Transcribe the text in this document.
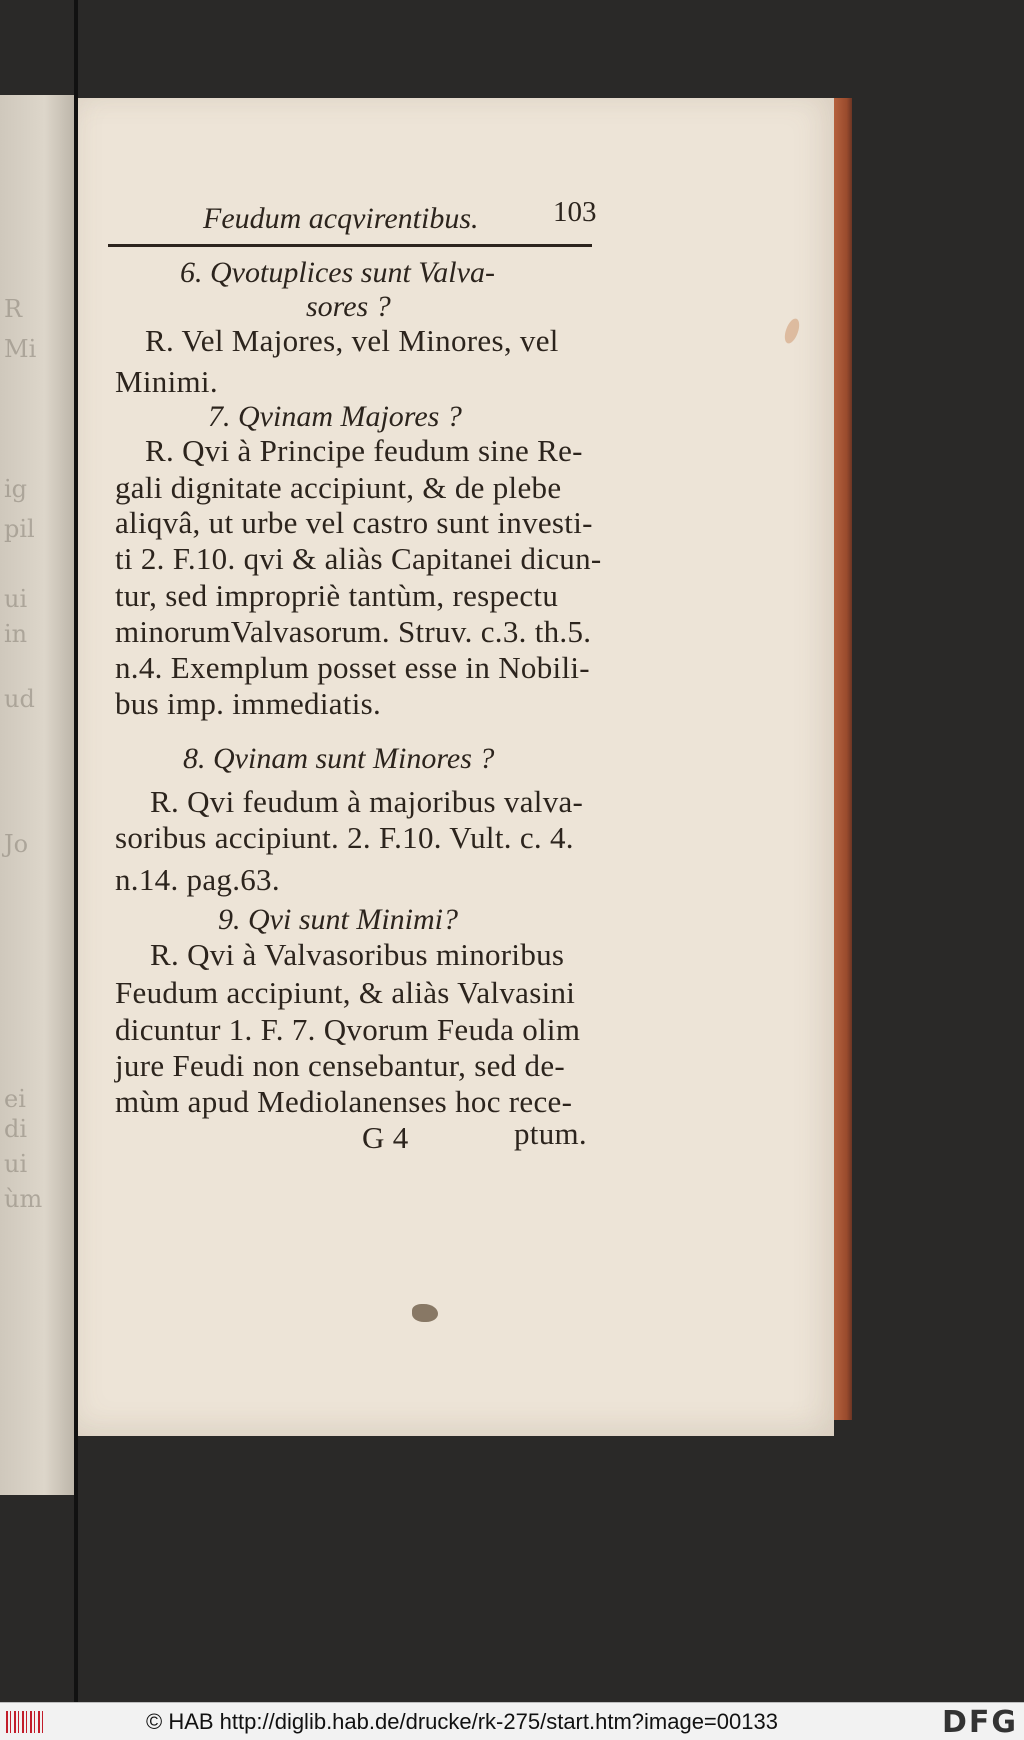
R
Mi
ig
pil
ui
in
ud
Jo
ei
di
ui
ùm
Feudum acqvirentibus.	103
6. Qvotuplices sunt Valva-
sores ?
R. Vel Majores, vel Minores, vel
Minimi.
7. Qvinam Majores ?
R. Qvi à Principe feudum sine Re-
gali dignitate accipiunt, & de plebe
aliqvâ, ut urbe vel castro sunt investi-
ti 2. F.10. qvi & aliàs Capitanei dicun-
tur, sed impropriè tantùm, respectu
minorumValvasorum. Struv. c.3. th.5.
n.4. Exemplum posset esse in Nobili-
bus imp. immediatis.
8. Qvinam sunt Minores ?
R. Qvi feudum à majoribus valva-
soribus accipiunt. 2. F.10. Vult. c. 4.
n.14. pag.63.
9. Qvi sunt Minimi?
R. Qvi à Valvasoribus minoribus
Feudum accipiunt, & aliàs Valvasini
dicuntur 1. F. 7. Qvorum Feuda olim
jure Feudi non censebantur, sed de-
mùm apud Mediolanenses hoc rece-
G 4	ptum.
© HAB http://diglib.hab.de/drucke/rk-275/start.htm?image=00133	DFG
